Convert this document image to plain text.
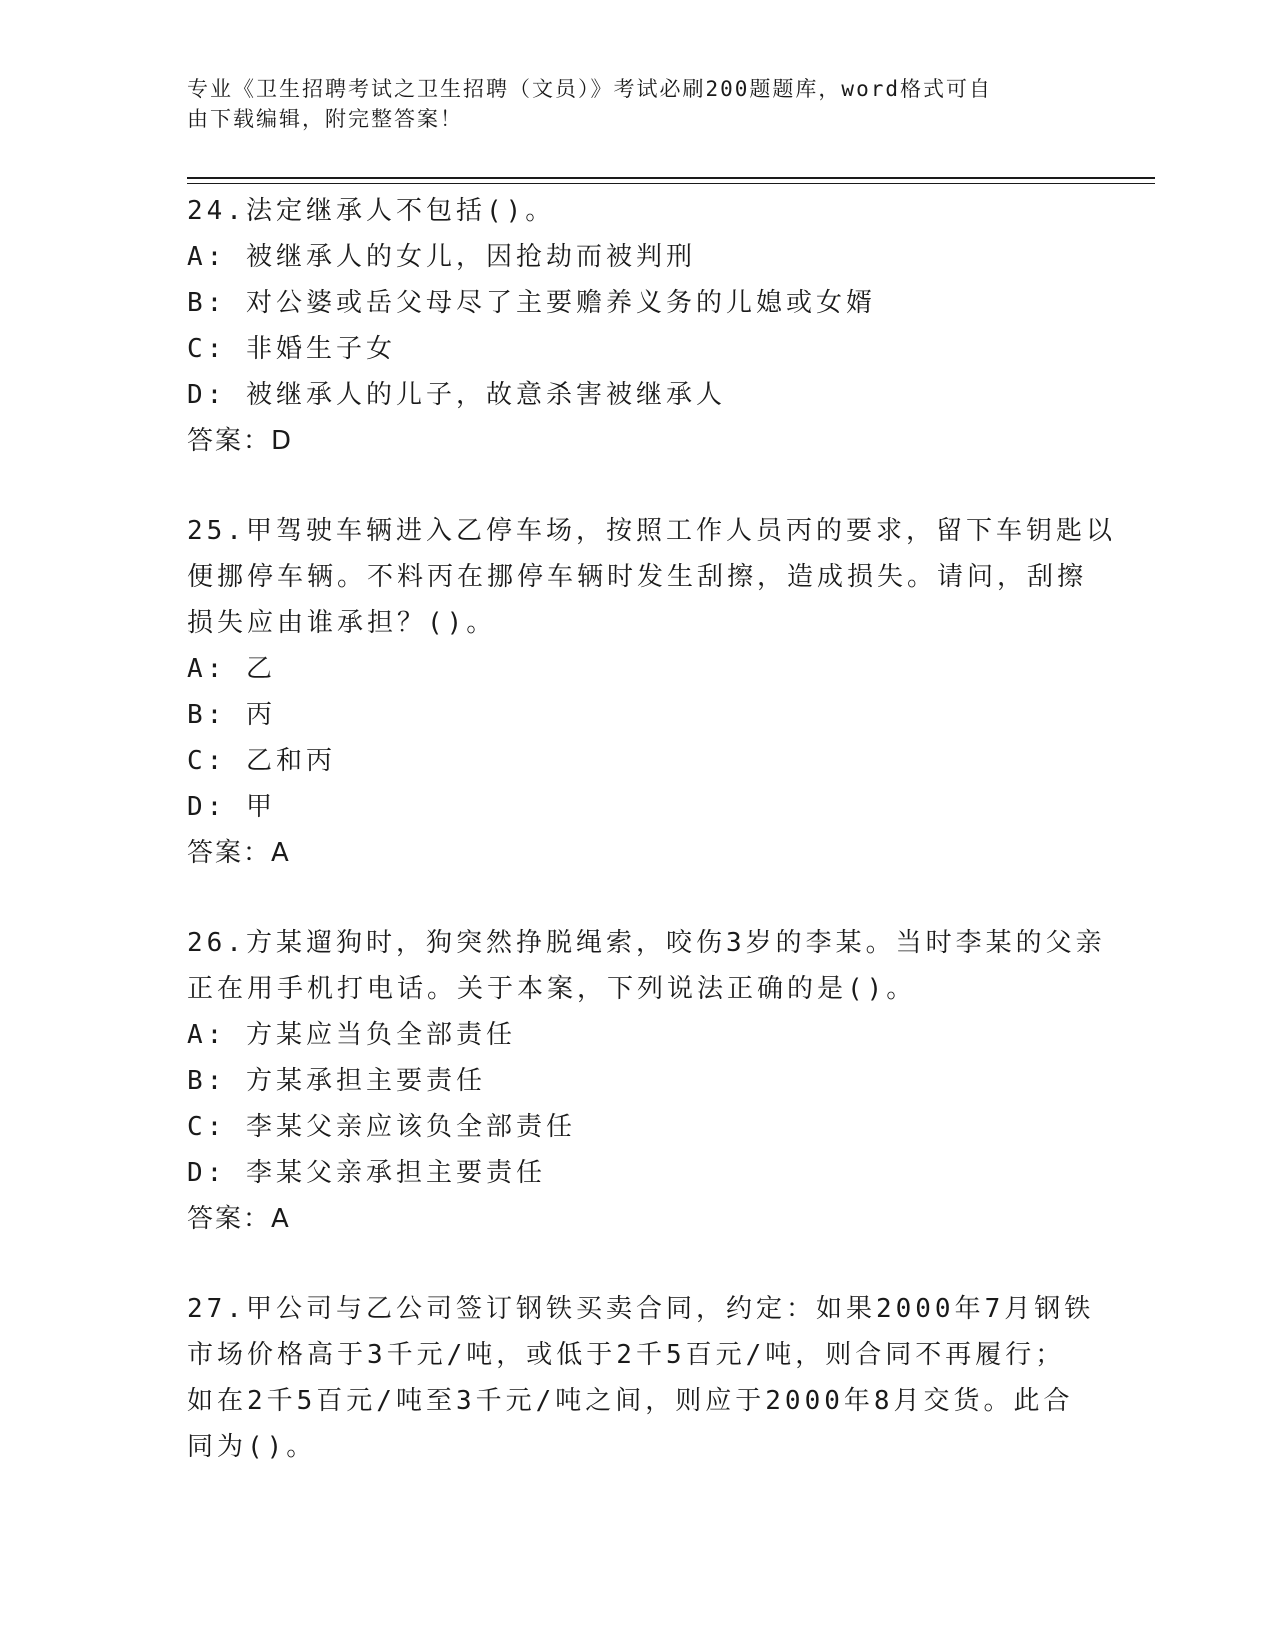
专业《卫生招聘考试之卫生招聘（文员）》考试必刷200题题库，word格式可自
由下载编辑，附完整答案！
24.法定继承人不包括()。
A: 被继承人的女儿，因抢劫而被判刑
B: 对公婆或岳父母尽了主要赡养义务的儿媳或女婿
C: 非婚生子女
D: 被继承人的儿子，故意杀害被继承人
答案：D
25.甲驾驶车辆进入乙停车场，按照工作人员丙的要求，留下车钥匙以
便挪停车辆。不料丙在挪停车辆时发生刮擦，造成损失。请问，刮擦
损失应由谁承担？()。
A: 乙
B: 丙
C: 乙和丙
D: 甲
答案：A
26.方某遛狗时，狗突然挣脱绳索，咬伤3岁的李某。当时李某的父亲
正在用手机打电话。关于本案，下列说法正确的是()。
A: 方某应当负全部责任
B: 方某承担主要责任
C: 李某父亲应该负全部责任
D: 李某父亲承担主要责任
答案：A
27.甲公司与乙公司签订钢铁买卖合同，约定：如果2000年7月钢铁
市场价格高于3千元/吨，或低于2千5百元/吨，则合同不再履行；
如在2千5百元/吨至3千元/吨之间，则应于2000年8月交货。此合
同为()。
